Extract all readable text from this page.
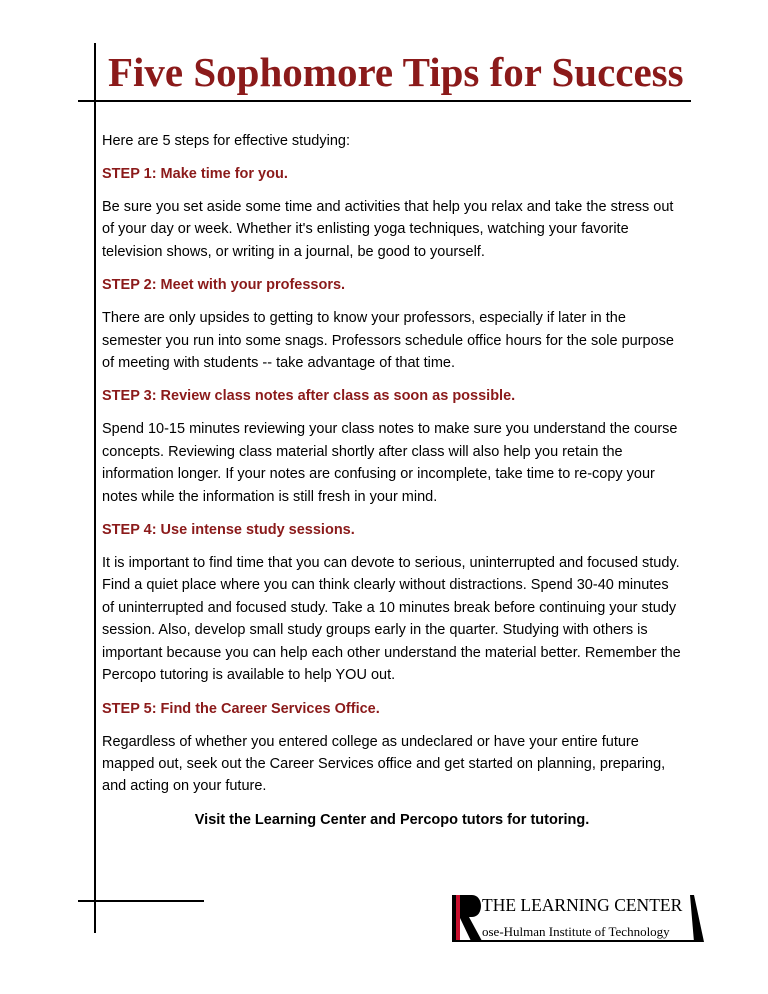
Five Sophomore Tips for Success

Here are 5 steps for effective studying:

STEP 1: Make time for you.

Be sure you set aside some time and activities that help you relax and take the stress out of your day or week. Whether it's enlisting yoga techniques, watching your favorite television shows, or writing in a journal, be good to yourself.

STEP 2: Meet with your professors.

There are only upsides to getting to know your professors, especially if later in the semester you run into some snags. Professors schedule office hours for the sole purpose of meeting with students -- take advantage of that time.

STEP 3: Review class notes after class as soon as possible.

Spend 10-15 minutes reviewing your class notes to make sure you understand the course concepts. Reviewing class material shortly after class will also help you retain the information longer. If your notes are confusing or incomplete, take time to re-copy your notes while the information is still fresh in your mind.

STEP 4: Use intense study sessions.

It is important to find time that you can devote to serious, uninterrupted and focused study. Find a quiet place where you can think clearly without distractions. Spend 30-40 minutes of uninterrupted and focused study. Take a 10 minutes break before continuing your study session. Also, develop small study groups early in the quarter. Studying with others is important because you can help each other understand the material better. Remember the Percopo tutoring is available to help YOU out.

STEP 5: Find the Career Services Office.

Regardless of whether you entered college as undeclared or have your entire future mapped out, seek out the Career Services office and get started on planning, preparing, and acting on your future.

Visit the Learning Center and Percopo tutors for tutoring.

THE LEARNING CENTER
ose-Hulman Institute of Technology
